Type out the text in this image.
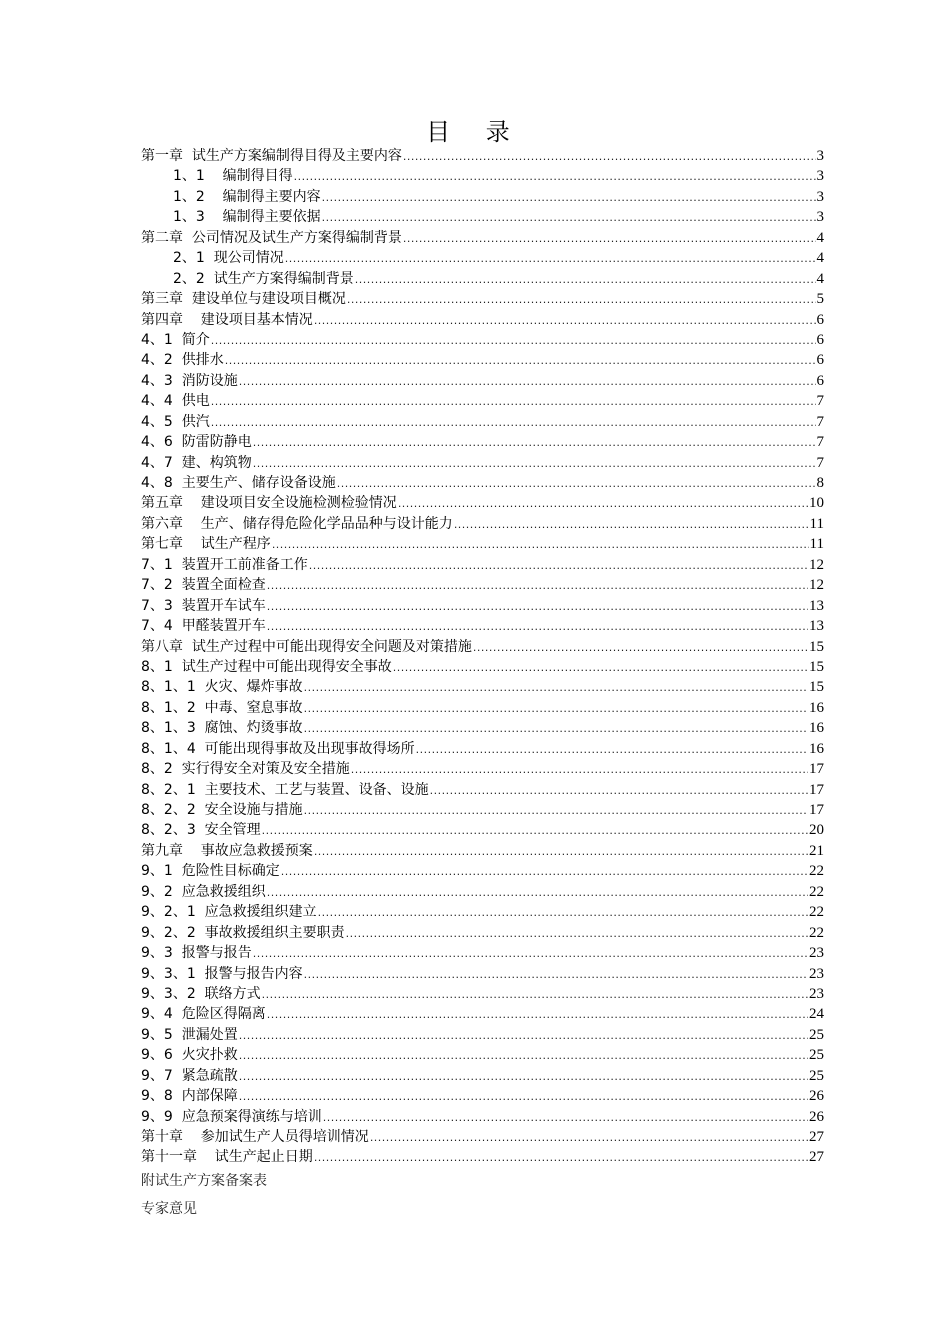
目 录
第一章  试生产方案编制得目得及主要内容 .....	3
1、1    编制得目得 .....	3
1、2    编制得主要内容 .....	3
1、3    编制得主要依据 .....	3
第二章  公司情况及试生产方案得编制背景 .....	4
2、1  现公司情况 .....	4
2、2  试生产方案得编制背景 .....	4
第三章  建设单位与建设项目概况 .....	5
第四章    建设项目基本情况 .....	6
4、1  简介 .....	6
4、2  供排水 .....	6
4、3  消防设施 .....	6
4、4  供电 .....	7
4、5  供汽 .....	7
4、6  防雷防静电 .....	7
4、7  建、构筑物 .....	7
4、8  主要生产、储存设备设施 .....	8
第五章    建设项目安全设施检测检验情况 .....	10
第六章    生产、储存得危险化学品品种与设计能力 .....	11
第七章    试生产程序 .....	11
7、1  装置开工前准备工作 .....	12
7、2  装置全面检查 .....	12
7、3  装置开车试车 .....	13
7、4  甲醛装置开车 .....	13
第八章  试生产过程中可能出现得安全问题及对策措施 .....	15
8、1  试生产过程中可能出现得安全事故 .....	15
8、1、1  火灾、爆炸事故 .....	15
8、1、2  中毒、窒息事故 .....	16
8、1、3  腐蚀、灼烫事故 .....	16
8、1、4  可能出现得事故及出现事故得场所 .....	16
8、2  实行得安全对策及安全措施 .....	17
8、2、1  主要技术、工艺与装置、设备、设施 .....	17
8、2、2  安全设施与措施 .....	17
8、2、3  安全管理 .....	20
第九章    事故应急救援预案 .....	21
9、1  危险性目标确定 .....	22
9、2  应急救援组织 .....	22
9、2、1  应急救援组织建立 .....	22
9、2、2  事故救援组织主要职责 .....	22
9、3  报警与报告 .....	23
9、3、1  报警与报告内容 .....	23
9、3、2  联络方式 .....	23
9、4  危险区得隔离 .....	24
9、5  泄漏处置 .....	25
9、6  火灾扑救 .....	25
9、7  紧急疏散 .....	25
9、8  内部保障 .....	26
9、9  应急预案得演练与培训 .....	26
第十章    参加试生产人员得培训情况 .....	27
第十一章    试生产起止日期 .....	27
附试生产方案备案表
专家意见
